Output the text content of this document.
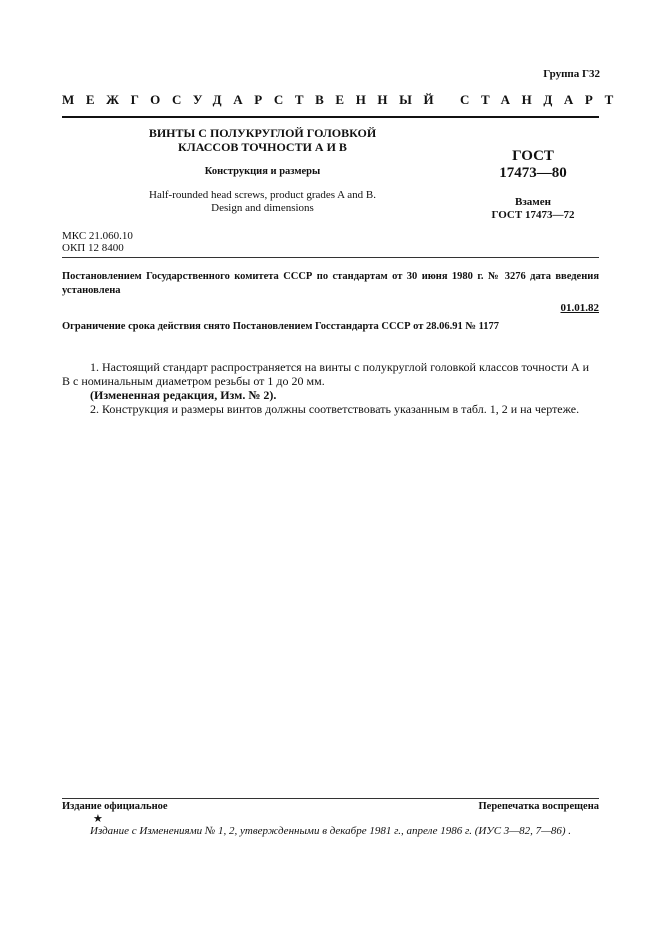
Группа Г32
МЕЖГОСУДАРСТВЕННЫЙ СТАНДАРТ
ВИНТЫ С ПОЛУКРУГЛОЙ ГОЛОВКОЙ
КЛАССОВ ТОЧНОСТИ А И В
Конструкция и размеры
Half-rounded head screws, product grades A and B.
Design and dimensions
ГОСТ
17473—80
Взамен
ГОСТ 17473—72
МКС 21.060.10
ОКП 12 8400
Постановлением Государственного комитета СССР по стандартам от 30 июня 1980 г. № 3276 дата введения установлена
01.01.82
Ограничение срока действия снято Постановлением Госстандарта СССР от 28.06.91 № 1177

1. Настоящий стандарт распространяется на винты с полукруглой головкой классов точности А и В с номинальным диаметром резьбы от 1 до 20 мм.

(Измененная редакция, Изм. № 2).

2. Конструкция и размеры винтов должны соответствовать указанным в табл. 1, 2 и на чертеже.

Издание официальное	Перепечатка воспрещена
★
Издание с Изменениями № 1, 2, утвержденными в декабре 1981 г., апреле 1986 г. (ИУС 3—82, 7—86) .
